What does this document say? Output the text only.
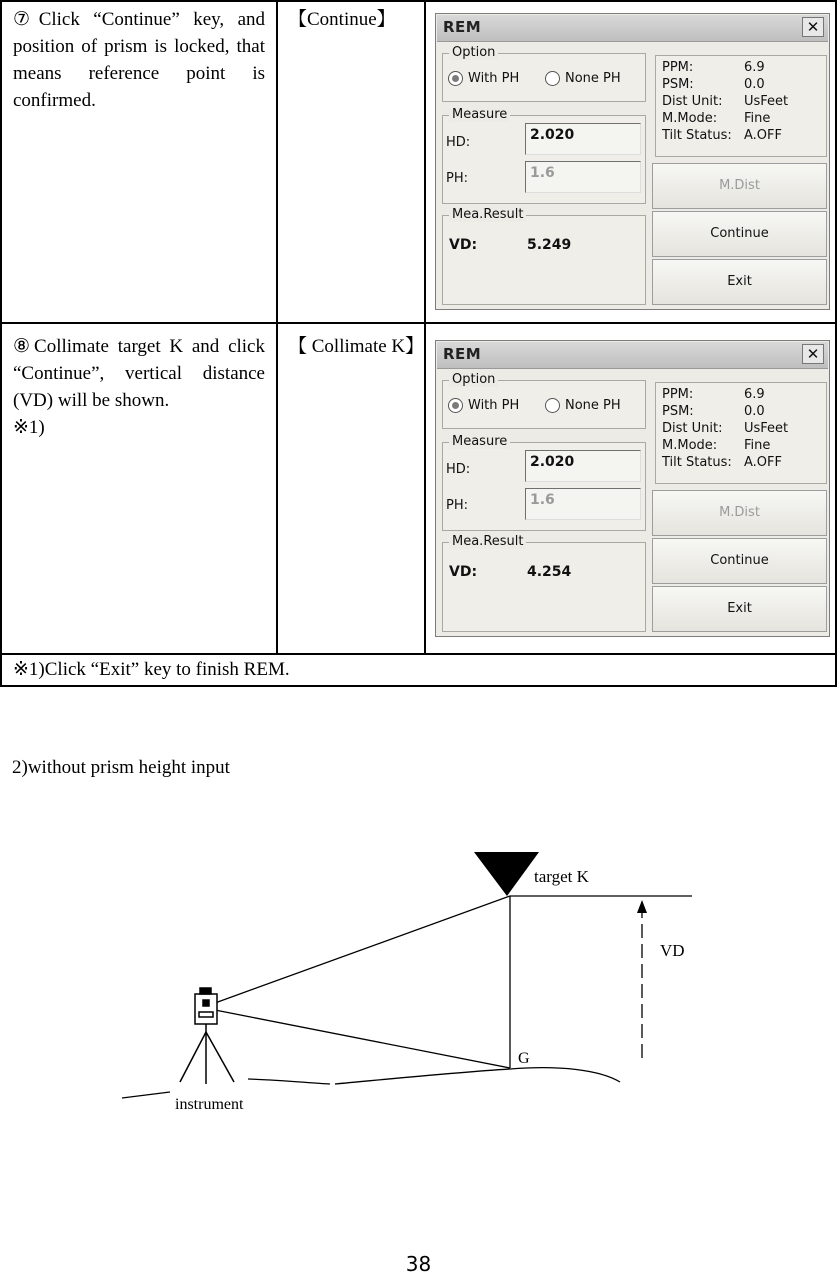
⑦Click “Continue” key, and position of prism is locked, that means reference point is confirmed.
【Continue】	REM	✕
Option
With PH	None PH
Measure
HD:	2.020
PH:	1.6
Mea.Result
VD:	5.249
PPM:	6.9
PSM:	0.0
Dist Unit:	UsFeet
M.Mode:	Fine
Tilt Status: A.OFF
M.Dist
Continue
Exit
⑧Collimate target K and click “Continue”, vertical distance (VD) will be shown.
※1)
【 Collimate K】 REM	✕
Option
With PH	None PH
Measure
HD:	2.020
PH:	1.6
Mea.Result
VD:	4.254
PPM:	6.9
PSM:	0.0
Dist Unit:	UsFeet
M.Mode:	Fine
Tilt Status: A.OFF
M.Dist
Continue
Exit
※1)Click “Exit” key to finish REM.
2)without prism height input
target K
VD
G
instrument
38
